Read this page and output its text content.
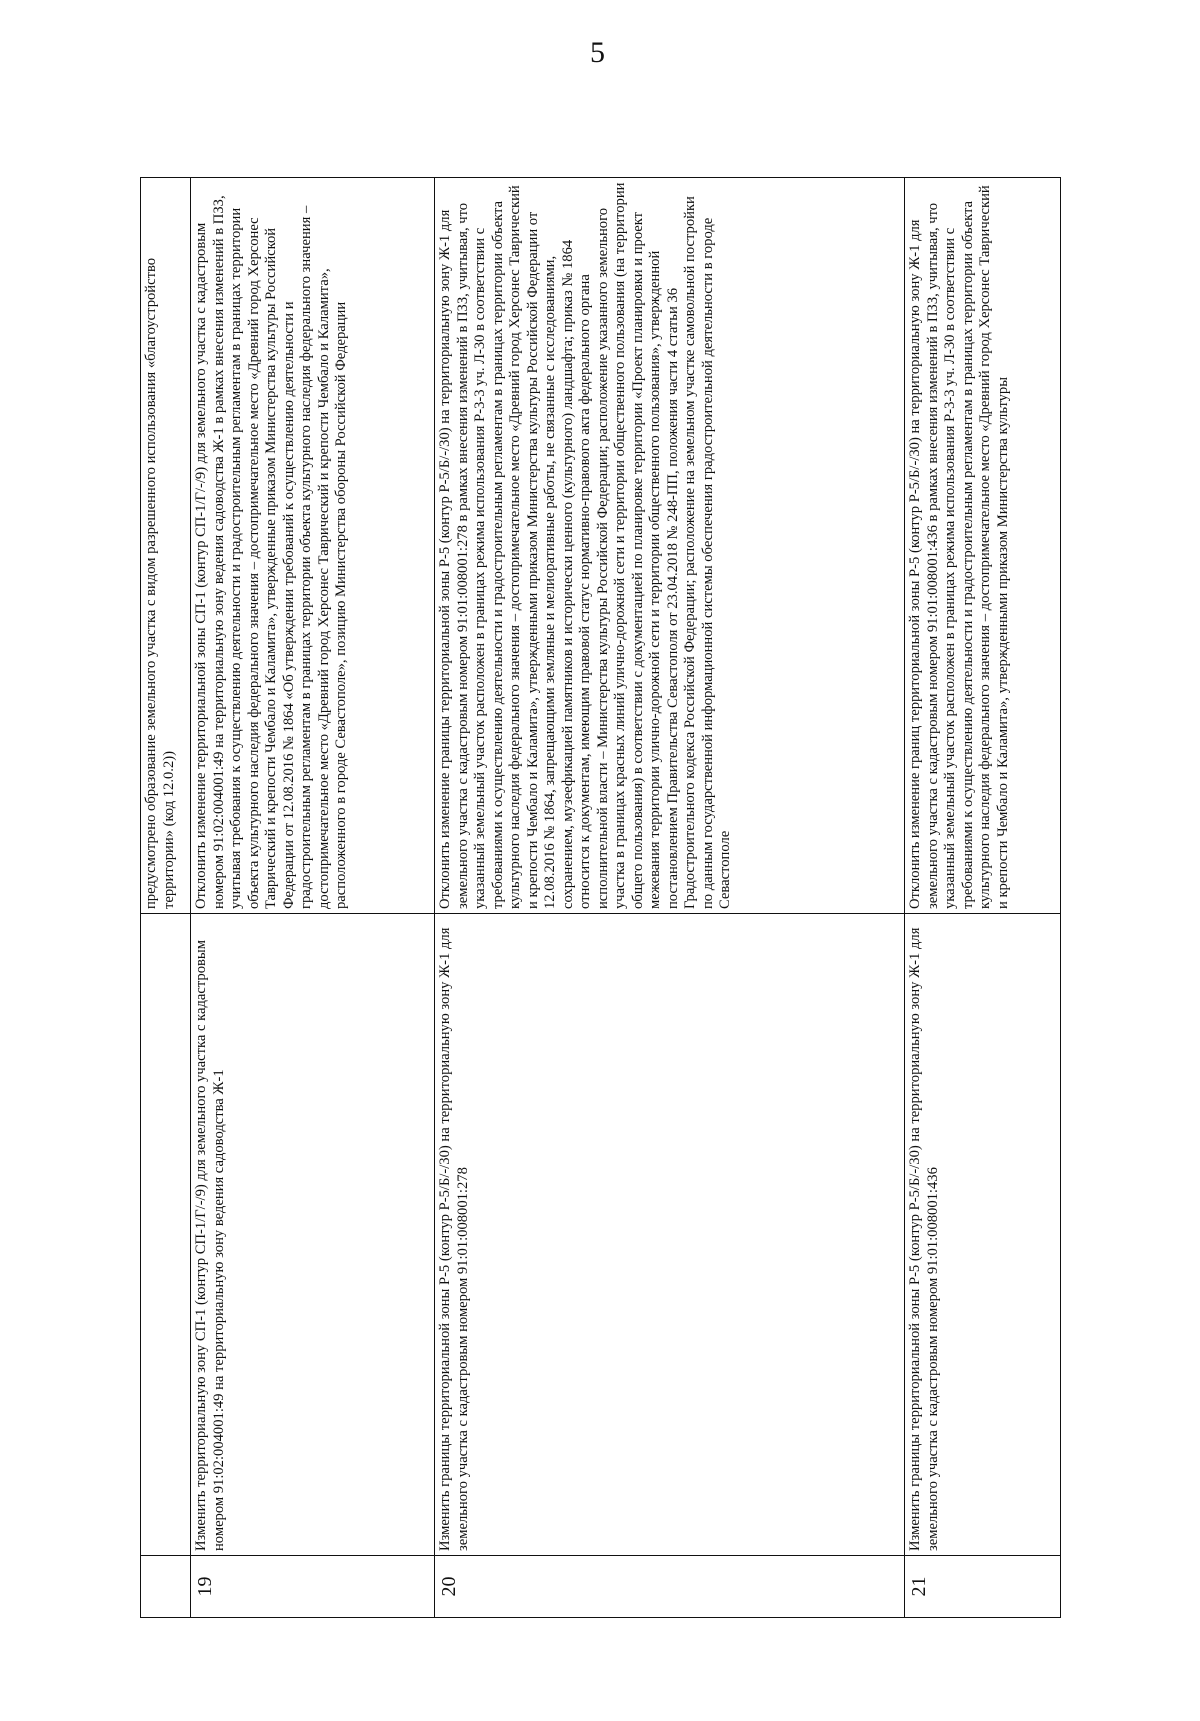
5
		предусмотрено образование земельного участка с видом разрешенного использования «благоустройство территории» (код 12.0.2))
19	Изменить территориальную зону СП-1 (контур СП-1/Г/-/9) для земельного участка с кадастровым номером 91:02:004001:49 на территориальную зону ведения садоводства Ж-1	Отклонить изменение территориальной зоны СП-1 (контур СП-1/Г/-/9) для земельного участка с кадастровым номером 91:02:004001:49 на территориальную зону ведения садоводства Ж-1 в рамках внесения изменений в ПЗЗ, учитывая требования к осуществлению деятельности и градостроительным регламентам в границах территории объекта культурного наследия федерального значения – достопримечательное место «Древний город Херсонес Таврический и крепости Чембало и Каламита», утвержденные приказом Министерства культуры Российской Федерации от 12.08.2016 № 1864 «Об утверждении требований к осуществлению деятельности и градостроительным регламентам в границах территории объекта культурного наследия федерального значения – достопримечательное место «Древний город Херсонес Таврический и крепости Чембало и Каламита», расположенного в городе Севастополе», позицию Министерства обороны Российской Федерации
20	Изменить границы территориальной зоны Р-5 (контур Р-5/Б/-/30) на территориальную зону Ж-1 для земельного участка с кадастровым номером 91:01:008001:278	Отклонить изменение границы территориальной зоны Р-5 (контур Р-5/Б/-/30) на территориальную зону Ж-1 для земельного участка с кадастровым номером 91:01:008001:278 в рамках внесения изменений в ПЗЗ, учитывая, что указанный земельный участок расположен в границах режима использования Р-3-3 уч. Л-30 в соответствии с требованиями к осуществлению деятельности и градостроительным регламентам в границах территории объекта культурного наследия федерального значения – достопримечательное место «Древний город Херсонес Таврический и крепости Чембало и Каламита», утвержденными приказом Министерства культуры Российской Федерации от 12.08.2016 № 1864, запрещающими земляные и мелиоративные работы, не связанные с исследованиями, сохранением, музеефикацией памятников и исторически ценного (культурного) ландшафта; приказ № 1864 относится к документам, имеющим правовой статус нормативно-правового акта федерального органа исполнительной власти – Министерства культуры Российской Федерации; расположение указанного земельного участка в границах красных линий улично-дорожной сети и территории общественного пользования (на территории общего пользования) в соответствии с документацией по планировке территории «Проект планировки и проект межевания территории улично-дорожной сети и территории общественного пользования», утвержденной постановлением Правительства Севастополя от 23.04.2018 № 248-ПП, положения части 4 статьи 36 Градостроительного кодекса Российской Федерации; расположение на земельном участке самовольной постройки по данным государственной информационной системы обеспечения градостроительной деятельности в городе Севастополе
21	Изменить границы территориальной зоны Р-5 (контур Р-5/Б/-/30) на территориальную зону Ж-1 для земельного участка с кадастровым номером 91:01:008001:436	Отклонить изменение границ территориальной зоны Р-5 (контур Р-5/Б/-/30) на территориальную зону Ж-1 для земельного участка с кадастровым номером 91:01:008001:436 в рамках внесения изменений в ПЗЗ, учитывая, что указанный земельный участок расположен в границах режима использования Р-3-3 уч. Л-30 в соответствии с требованиями к осуществлению деятельности и градостроительным регламентам в границах территории объекта культурного наследия федерального значения – достопримечательное место «Древний город Херсонес Таврический и крепости Чембало и Каламита», утвержденными приказом Министерства культуры
